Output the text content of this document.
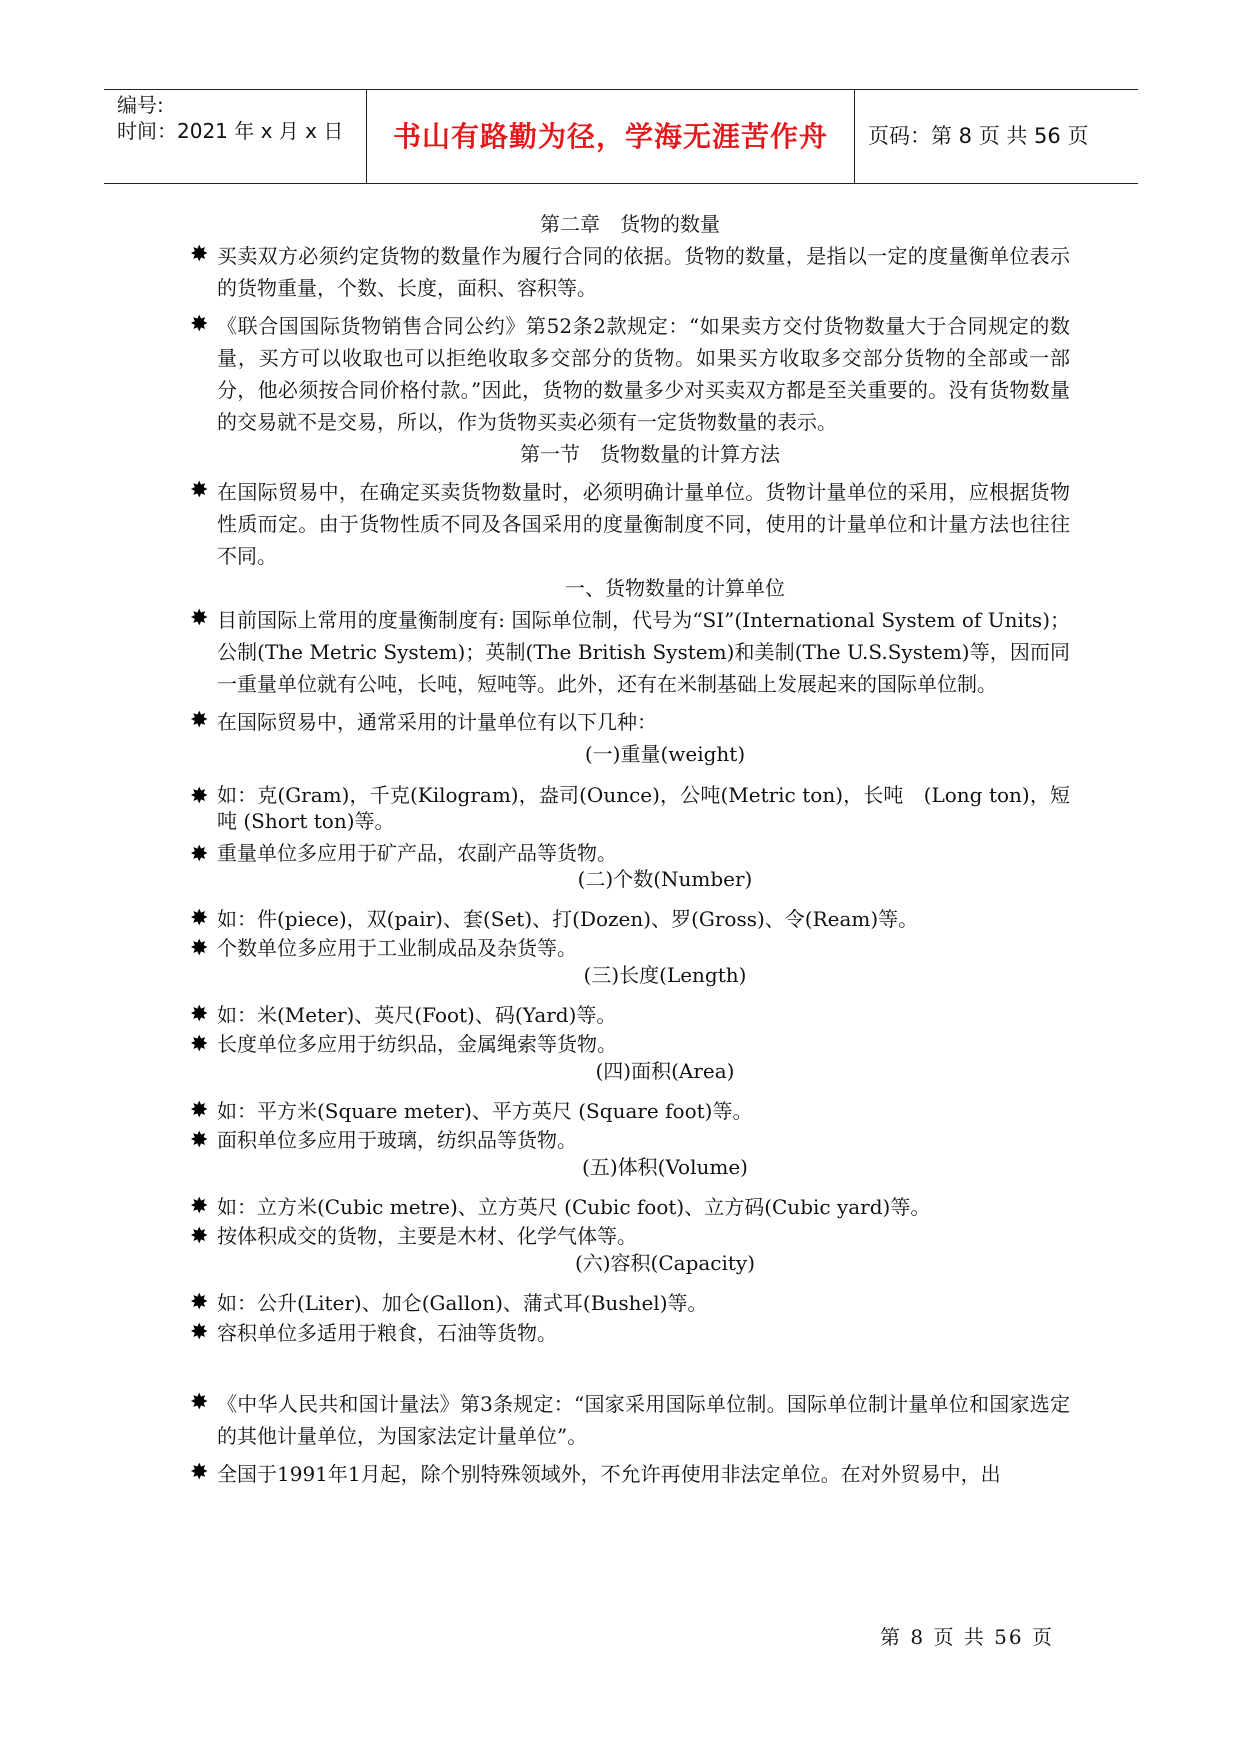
编号:
时间：2021 年 x 月 x 日	书山有路勤为径，学海无涯苦作舟	页码：第 8 页 共 56 页
第二章　货物的数量

✸ 买卖双方必须约定货物的数量作为履行合同的依据。货物的数量，是指以一定的度量衡单位表示的货物重量，个数、长度，面积、容积等。

✸ 《联合国国际货物销售合同公约》第52条2款规定：“如果卖方交付货物数量大于合同规定的数量，买方可以收取也可以拒绝收取多交部分的货物。如果买方收取多交部分货物的全部或一部分，他必须按合同价格付款。”因此，货物的数量多少对买卖双方都是至关重要的。没有货物数量的交易就不是交易，所以，作为货物买卖必须有一定货物数量的表示。

第一节　货物数量的计算方法

✸ 在国际贸易中，在确定买卖货物数量时，必须明确计量单位。货物计量单位的采用，应根据货物性质而定。由于货物性质不同及各国采用的度量衡制度不同，使用的计量单位和计量方法也往往不同。

一、货物数量的计算单位

✸ 目前国际上常用的度量衡制度有: 国际单位制，代号为“SI”(International System of Units)；公制(The Metric System)；英制(The British System)和美制(The U.S.System)等，因而同一重量单位就有公吨，长吨，短吨等。此外，还有在米制基础上发展起来的国际单位制。

✸ 在国际贸易中，通常采用的计量单位有以下几种：

(一)重量(weight)

✸ 如：克(Gram)，千克(Kilogram)，盎司(Ounce)，公吨(Metric ton)，长吨　(Long ton)，短吨 (Short ton)等。

✸ 重量单位多应用于矿产品，农副产品等货物。

(二)个数(Number)

✸ 如：件(piece)，双(pair)、套(Set)、打(Dozen)、罗(Gross)、令(Ream)等。

✸ 个数单位多应用于工业制成品及杂货等。

(三)长度(Length)

✸ 如：米(Meter)、英尺(Foot)、码(Yard)等。

✸ 长度单位多应用于纺织品，金属绳索等货物。

(四)面积(Area)

✸ 如：平方米(Square meter)、平方英尺 (Square foot)等。

✸ 面积单位多应用于玻璃，纺织品等货物。

(五)体积(Volume)

✸ 如：立方米(Cubic metre)、立方英尺 (Cubic foot)、立方码(Cubic yard)等。

✸ 按体积成交的货物，主要是木材、化学气体等。

(六)容积(Capacity)

✸ 如：公升(Liter)、加仑(Gallon)、蒲式耳(Bushel)等。

✸ 容积单位多适用于粮食，石油等货物。

✸ 《中华人民共和国计量法》第3条规定：“国家采用国际单位制。国际单位制计量单位和国家选定的其他计量单位，为国家法定计量单位”。

✸ 全国于1991年1月起，除个别特殊领域外，不允许再使用非法定单位。在对外贸易中，出

第 8 页 共 56 页
